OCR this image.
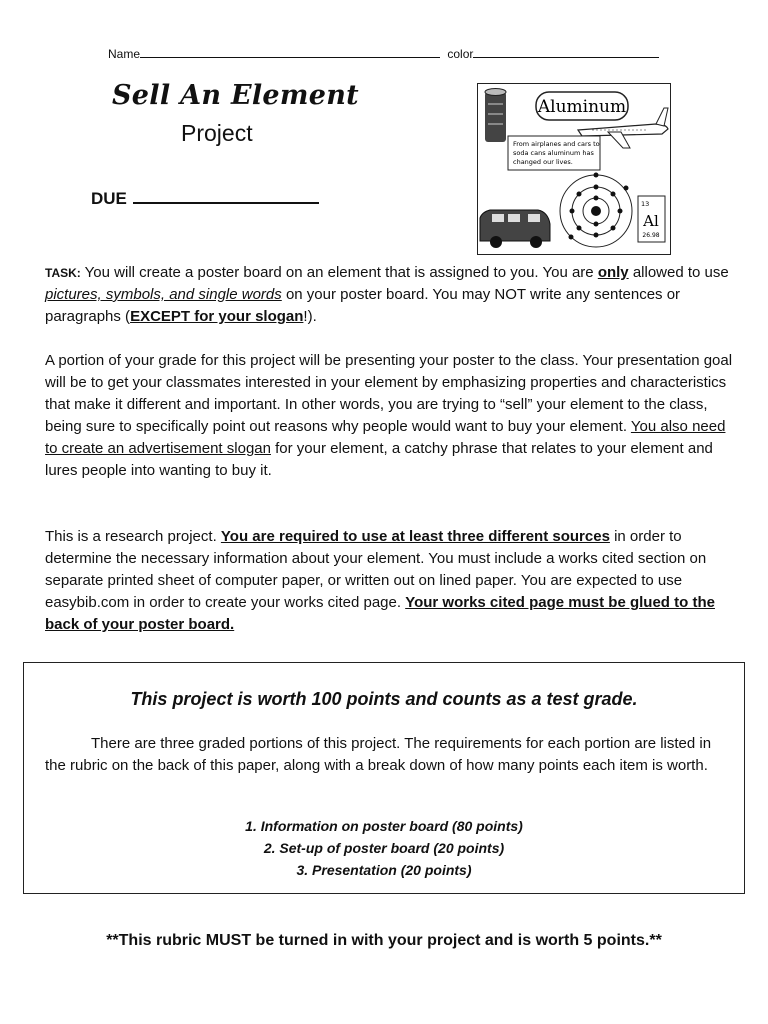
Name	color
Sell An Element
Project
DUE
Aluminum
From airplanes and cars to
soda cans aluminum has
changed our lives.
13
Al
26.98

TASK: You will create a poster board on an element that is assigned to you. You are only allowed to use pictures, symbols, and single words on your poster board. You may NOT write any sentences or paragraphs (EXCEPT for your slogan!).

A portion of your grade for this project will be presenting your poster to the class. Your presentation goal will be to get your classmates interested in your element by emphasizing properties and characteristics that make it different and important. In other words, you are trying to “sell” your element to the class, being sure to specifically point out reasons why people would want to buy your element. You also need to create an advertisement slogan for your element, a catchy phrase that relates to your element and lures people into wanting to buy it.

This is a research project. You are required to use at least three different sources in order to determine the necessary information about your element. You must include a works cited section on separate printed sheet of computer paper, or written out on lined paper. You are expected to use easybib.com in order to create your works cited page. Your works cited page must be glued to the back of your poster board.

This project is worth 100 points and counts as a test grade.

There are three graded portions of this project. The requirements for each portion are listed in the rubric on the back of this paper, along with a break down of how many points each item is worth.

1. Information on poster board (80 points)
2. Set-up of poster board (20 points)
3. Presentation (20 points)
**This rubric MUST be turned in with your project and is worth 5 points.**
